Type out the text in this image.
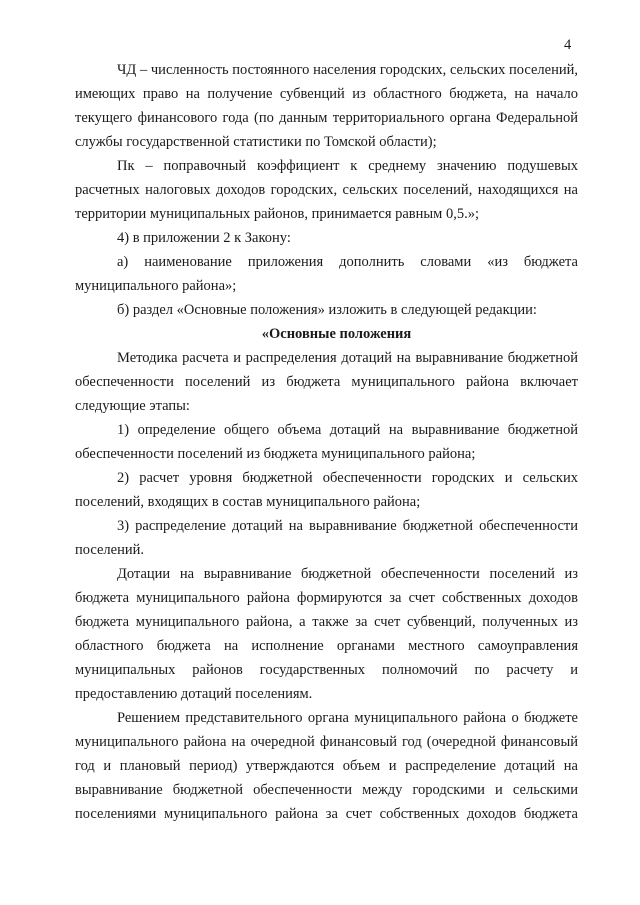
4

ЧД – численность постоянного населения городских, сельских поселений, имеющих право на получение субвенций из областного бюджета, на начало текущего финансового года (по данным территориального органа Федеральной службы государственной статистики по Томской области);

Пк – поправочный коэффициент к среднему значению подушевых расчетных налоговых доходов городских, сельских поселений, находящихся на территории муниципальных районов, принимается равным 0,5.»;

4) в приложении 2 к Закону:

а) наименование приложения дополнить словами «из бюджета муниципального района»;

б) раздел «Основные положения» изложить в следующей редакции:

«Основные положения

Методика расчета и распределения дотаций на выравнивание бюджетной обеспеченности поселений из бюджета муниципального района включает следующие этапы:

1) определение общего объема дотаций на выравнивание бюджетной обеспеченности поселений из бюджета муниципального района;

2) расчет уровня бюджетной обеспеченности городских и сельских поселений, входящих в состав муниципального района;

3) распределение дотаций на выравнивание бюджетной обеспеченности поселений.

Дотации на выравнивание бюджетной обеспеченности поселений из бюджета муниципального района формируются за счет собственных доходов бюджета муниципального района, а также за счет субвенций, полученных из областного бюджета на исполнение органами местного самоуправления муниципальных районов государственных полномочий по расчету и предоставлению дотаций поселениям.

Решением представительного органа муниципального района о бюджете муниципального района на очередной финансовый год (очередной финансовый год и плановый период) утверждаются объем и распределение дотаций на выравнивание бюджетной обеспеченности между городскими и сельскими поселениями муниципального района за счет собственных доходов бюджета
